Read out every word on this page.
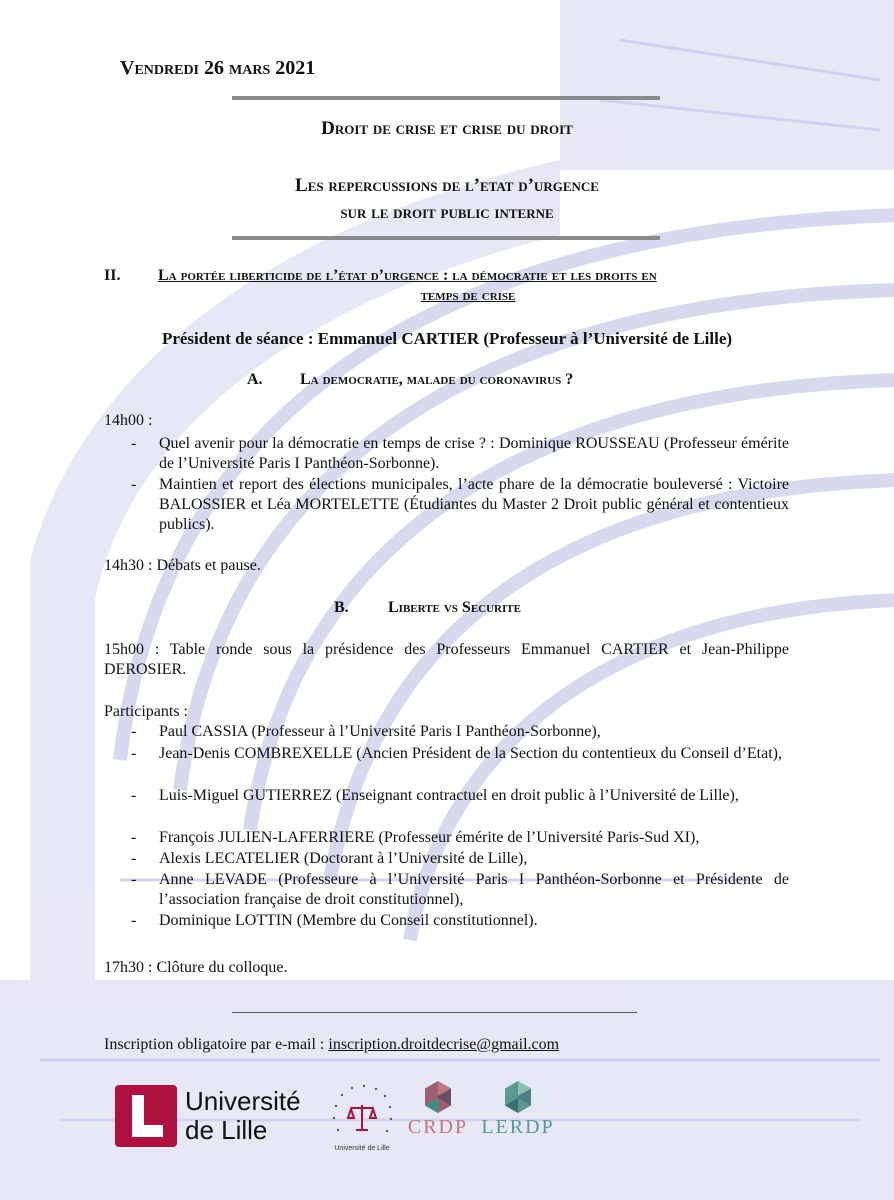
Vendredi 26 mars 2021
Droit de crise et crise du droit
Les repercussions de l’etat d’urgence
sur le droit public interne
II. La portée liberticide de l’état d’urgence : la démocratie et les droits en
temps de crise
Président de séance : Emmanuel CARTIER (Professeur à l’Université de Lille)
A. La democratie, malade du coronavirus ?
14h00 :
- Quel avenir pour la démocratie en temps de crise ? : Dominique ROUSSEAU (Professeur émérite de l’Université Paris I Panthéon-Sorbonne).
- Maintien et report des élections municipales, l’acte phare de la démocratie bouleversé : Victoire BALOSSIER et Léa MORTELETTE (Étudiantes du Master 2 Droit public général et contentieux publics).
14h30 : Débats et pause.
B. Liberte vs Securite
15h00 : Table ronde sous la présidence des Professeurs Emmanuel CARTIER et Jean-Philippe DEROSIER.
Participants :
- Paul CASSIA (Professeur à l’Université Paris I Panthéon-Sorbonne),
- Jean-Denis COMBREXELLE (Ancien Président de la Section du contentieux du Conseil d’Etat),
- Luis-Miguel GUTIERREZ (Enseignant contractuel en droit public à l’Université de Lille),
- François JULIEN-LAFERRIERE (Professeur émérite de l’Université Paris-Sud XI),
- Alexis LECATELIER (Doctorant à l’Université de Lille),
- Anne LEVADE (Professeure à l’Université Paris I Panthéon-Sorbonne et Présidente de l’association française de droit constitutionnel),
- Dominique LOTTIN (Membre du Conseil constitutionnel).
17h30 : Clôture du colloque.
Inscription obligatoire par e-mail : inscription.droitdecrise@gmail.com
Université
de Lille
Université de Lille
CRDP LERDP
